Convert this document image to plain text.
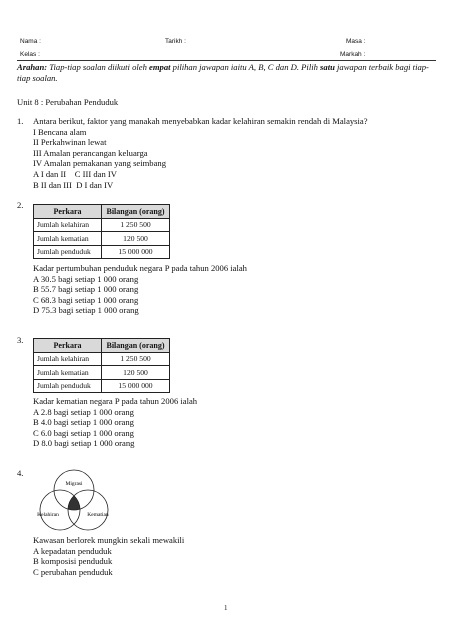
Nama :	Tarikh :	Masa :
Kelas :	Markah :
Arahan: Tiap-tiap soalan diikuti oleh empat pilihan jawapan iaitu A, B, C dan D. Pilih satu jawapan terbaik bagi tiap-tiap soalan.
Unit 8 : Perubahan Penduduk
1. Antara berikut, faktor yang manakah menyebabkan kadar kelahiran semakin rendah di Malaysia?
I Bencana alam
II Perkahwinan lewat
III Amalan perancangan keluarga
IV Amalan pemakanan yang seimbang
A I dan II    C III dan IV
B II dan III  D I dan IV
2.
Perkara	Bilangan (orang)
Jumlah kelahiran	1 250 500
Jumlah kematian	120 500
Jumlah penduduk	15 000 000
Kadar pertumbuhan penduduk negara P pada tahun 2006 ialah
A 30.5 bagi setiap 1 000 orang
B 55.7 bagi setiap 1 000 orang
C 68.3 bagi setiap 1 000 orang
D 75.3 bagi setiap 1 000 orang
3.
Perkara	Bilangan (orang)
Jumlah kelahiran	1 250 500
Jumlah kematian	120 500
Jumlah penduduk	15 000 000
Kadar kematian negara P pada tahun 2006 ialah
A 2.8 bagi setiap 1 000 orang
B 4.0 bagi setiap 1 000 orang
C 6.0 bagi setiap 1 000 orang
D 8.0 bagi setiap 1 000 orang
4.
Migrasi
Kelahiran	Kematian
Kawasan berlorek mungkin sekali mewakili
A kepadatan penduduk
B komposisi penduduk
C perubahan penduduk
1
